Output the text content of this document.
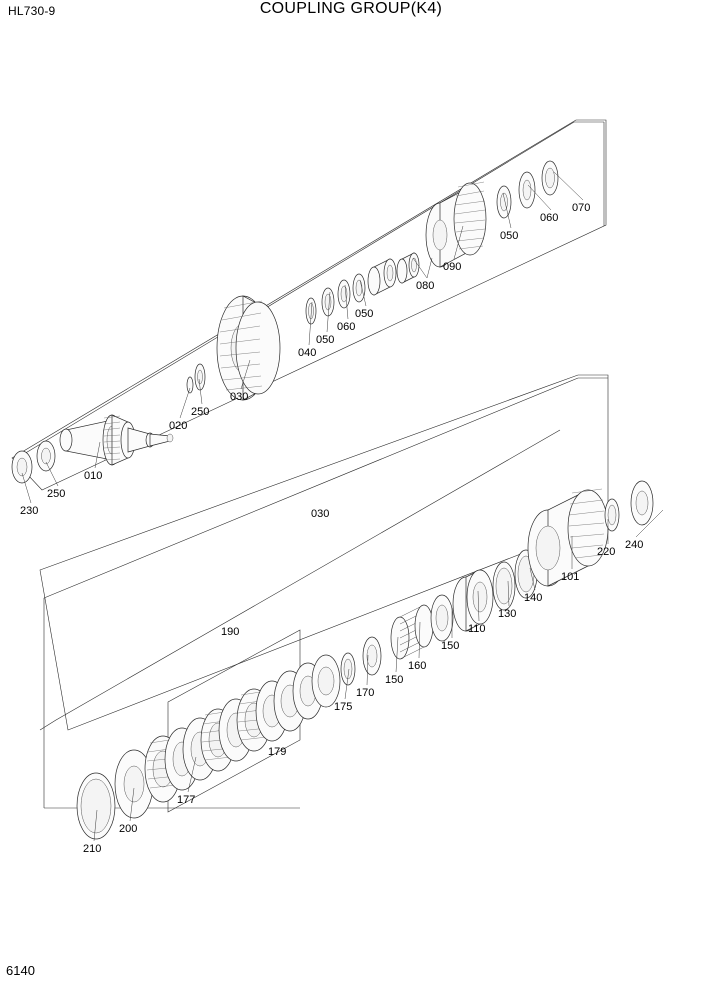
HL730-9	COUPLING GROUP(K4)
070
060
050
090
080
050
060
050
040
030
250
020
010
250
230	030
240
220
101
140
130
110
150
160
150
190
170
175
179
177
200
210
6140
